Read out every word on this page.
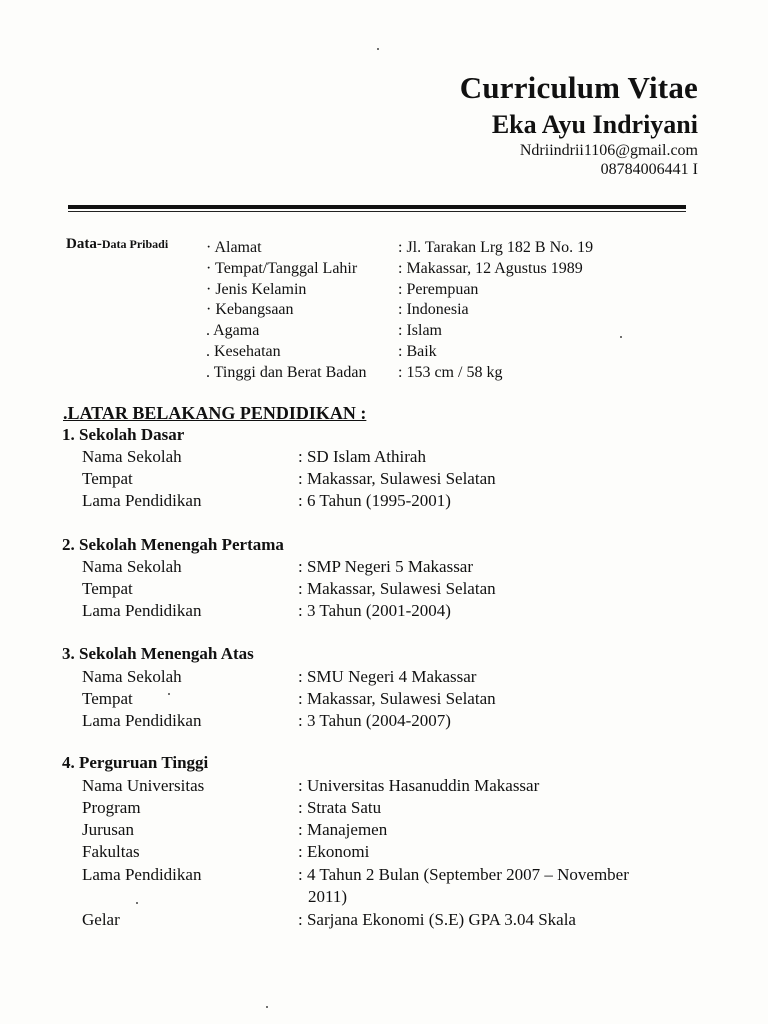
Curriculum Vitae
Eka Ayu Indriyani
Ndriindrii1106@gmail.com
08784006441 I
Data-Data Pribadi · Alamat	: Jl. Tarakan Lrg 182 B No. 19
· Tempat/Tanggal Lahir	: Makassar, 12 Agustus 1989
· Jenis Kelamin	: Perempuan
· Kebangsaan	: Indonesia
. Agama	: Islam
. Kesehatan	: Baik
. Tinggi dan Berat Badan : 153 cm / 58 kg
.LATAR BELAKANG PENDIDIKAN :
1. Sekolah Dasar
Nama Sekolah	: SD Islam Athirah
Tempat	: Makassar, Sulawesi Selatan
Lama Pendidikan	: 6 Tahun (1995-2001)
2. Sekolah Menengah Pertama
Nama Sekolah	: SMP Negeri 5 Makassar
Tempat	: Makassar, Sulawesi Selatan
Lama Pendidikan	: 3 Tahun (2001-2004)
3. Sekolah Menengah Atas
Nama Sekolah	: SMU Negeri 4 Makassar
Tempat	: Makassar, Sulawesi Selatan
Lama Pendidikan	: 3 Tahun (2004-2007)
4. Perguruan Tinggi
Nama Universitas	: Universitas Hasanuddin Makassar
Program	: Strata Satu
Jurusan	: Manajemen
Fakultas	: Ekonomi
Lama Pendidikan	: 4 Tahun 2 Bulan (September 2007 – November
2011)
Gelar	: Sarjana Ekonomi (S.E) GPA 3.04 Skala
